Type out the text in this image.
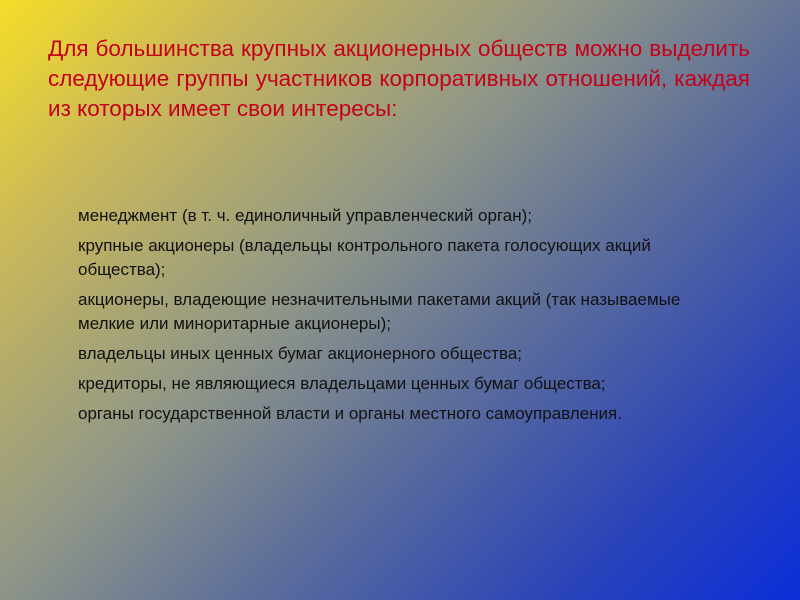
Для большинства крупных акционерных обществ можно выделить следующие группы участников корпоративных отношений, каждая из которых имеет свои интересы:

менеджмент (в т. ч. единоличный управленческий орган);
крупные акционеры (владельцы контрольного пакета голосующих акций общества);
акционеры, владеющие незначительными пакетами акций (так называемые мелкие или миноритарные акционеры);
владельцы иных ценных бумаг акционерного общества;
кредиторы, не являющиеся владельцами ценных бумаг общества;
органы государственной власти и органы местного самоуправления.
